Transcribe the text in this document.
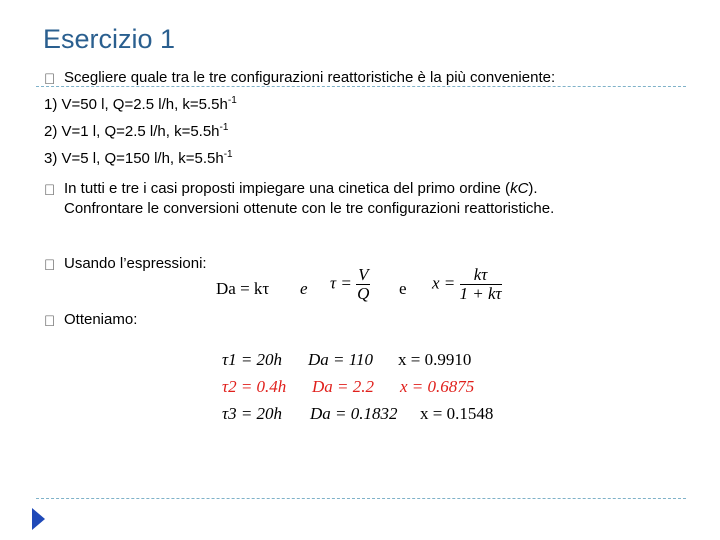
Esercizio 1
Scegliere quale tra le tre configurazioni reattoristiche è la più conveniente:
1) V=50 l, Q=2.5 l/h, $k=5.5h^{-1}$
2) V=1 l, Q=2.5 l/h, $k=5.5h^{-1}$
3) V=5 l, Q=150 l/h, $k=5.5h^{-1}$
In tutti e tre i casi proposti impiegare una cinetica del primo ordine (kC).
Confrontare le conversioni ottenute con le tre configurazioni reattoristiche.
Usando l’espressioni:
Da = kτ e $\tau = \frac{V}{Q}$ e $x = \frac{k\tau}{1 + k\tau}$
Otteniamo:
τ1 = 20h Da = 110 x = 0.9910
τ2 = 0.4h Da = 2.2 x = 0.6875
τ3 = 20h Da = 0.1832 x = 0.1548
